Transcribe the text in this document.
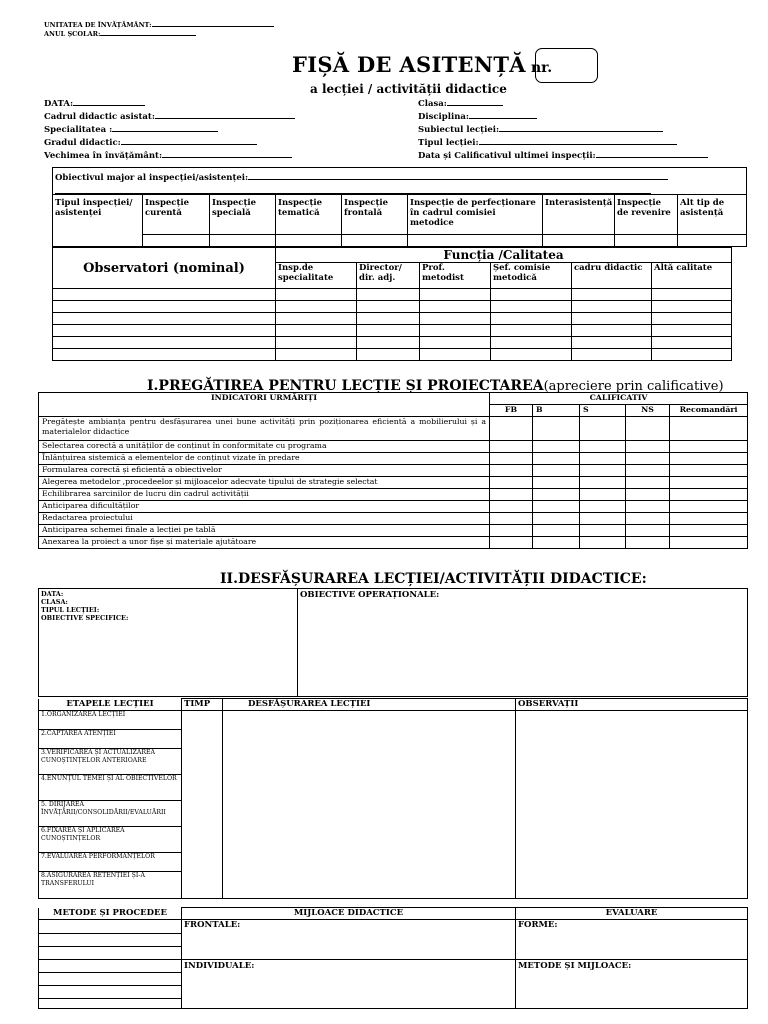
UNITATEA DE ÎNVĂȚĂMÂNT:
ANUL ȘCOLAR:
FIȘĂ DE ASITENȚĂ nr.
a lecției / activității didactice
DATA:
Cadrul didactic asistat:
Specialitatea :
Gradul didactic:
Vechimea în învățământ:
Clasa:
Disciplina:
Subiectul lecției:
Tipul lecției:
Data și Calificativul ultimei inspecții:
Obiectivul major al inspecției/asistenței:								

Tipul inspecției/ asistenței	Inspecție curentă	Inspecție specială	Inspecție tematică	Inspecție frontală	Inspecție de perfecționare în cadrul comisiei metodice	Interasistență	Inspecție de revenire	Alt tip de asistență

Observatori (nominal)	Funcția /Calitatea					
	Insp.de specialitate	Director/ dir. adj.	Prof. metodist	Șef. comisie metodică	cadru didactic	Altă calitate

I.PREGĂTIREA PENTRU LECȚIE ȘI PROIECTAREA(apreciere prin calificative)
INDICATORI URMĂRIȚI	CALIFICATIV				
	FB	B	S	NS	Recomandări
Pregătește ambianța pentru desfășurarea unei bune activități prin poziționarea eficientă a mobilierului și a materialelor didactice					
Selectarea corectă a unităților de conținut în conformitate cu programa					
Înlănțuirea sistemică a elementelor de conținut vizate în predare					
Formularea corectă și eficientă a obiectivelor					
Alegerea metodelor ,procedeelor și mijloacelor adecvate tipului de strategie selectat					
Echilibrarea sarcinilor de lucru din cadrul activității					
Anticiparea dificultăților					
Redactarea proiectului					
Anticiparea schemei finale a lecției pe tablă					
Anexarea la proiect a unor fișe și materiale ajutătoare					
II.DESFĂȘURAREA LECȚIEI/ACTIVITĂȚII DIDACTICE:
DATA:
CLASA:
TIPUL LECȚIEI:
OBIECTIVE SPECIFICE:
	OBIECTIVE OPERAȚIONALE:
ETAPELE LECȚIEI	TIMP	DESFĂȘURAREA LECȚIEI	OBSERVAȚII
1.ORGANIZAREA LECȚIEI			
2.CAPTAREA ATENȚIEI			
3.VERIFICAREA ȘI ACTUALIZAREA CUNOȘTINȚELOR ANTERIOARE			
4.ENUNȚUL TEMEI ȘI AL OBIECTIVELOR			
5. DIRIJAREA ÎNVĂȚĂRII/CONSOLIDĂRII/EVALUĂRII			
6.FIXAREA ȘI APLICAREA CUNOȘTINȚELOR			
7.EVALUAREA PERFORMANȚELOR			
8.ASIGURAREA RETENȚIEI ȘI-A TRANSFERULUI			
METODE ȘI PROCEDEE	MIJLOACE DIDACTICE	EVALUARE
	FRONTALE:	FORME:

	INDIVIDUALE:	METODE ȘI MIJLOACE:
